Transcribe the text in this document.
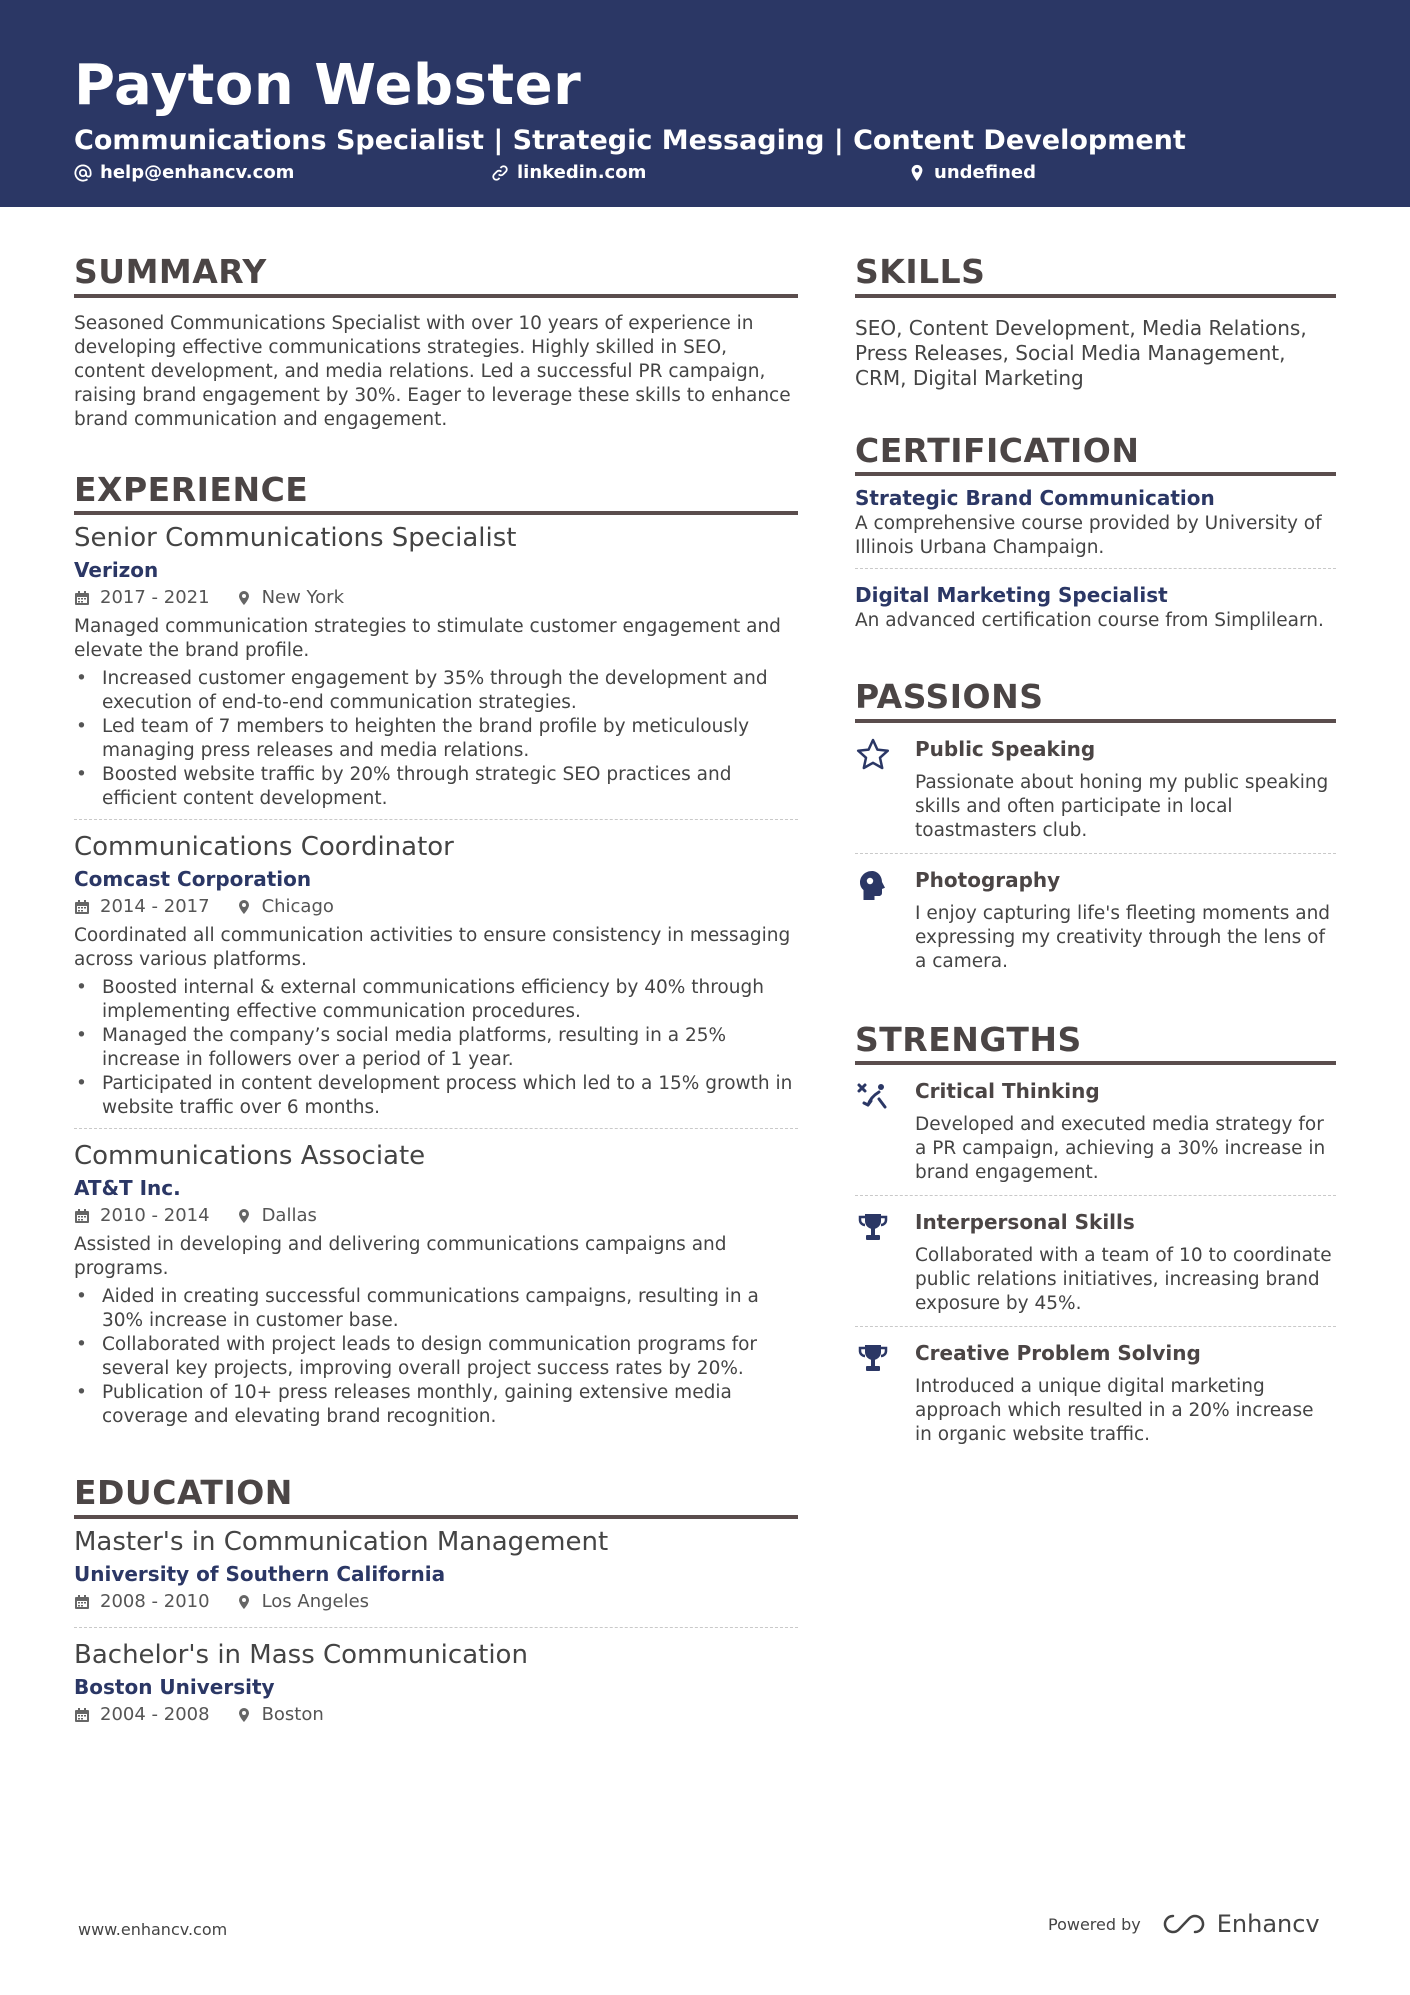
Payton Webster
Communications Specialist | Strategic Messaging | Content Development
help@enhancv.com	linkedin.com	undefined
SUMMARY
Seasoned Communications Specialist with over 10 years of experience in developing effective communications strategies. Highly skilled in SEO, content development, and media relations. Led a successful PR campaign, raising brand engagement by 30%. Eager to leverage these skills to enhance brand communication and engagement.
EXPERIENCE
Senior Communications Specialist
Verizon
2017 - 2021	New York
Managed communication strategies to stimulate customer engagement and elevate the brand profile.
• Increased customer engagement by 35% through the development and execution of end-to-end communication strategies.
• Led team of 7 members to heighten the brand profile by meticulously managing press releases and media relations.
• Boosted website traffic by 20% through strategic SEO practices and efficient content development.
Communications Coordinator
Comcast Corporation
2014 - 2017	Chicago
Coordinated all communication activities to ensure consistency in messaging across various platforms.
• Boosted internal & external communications efficiency by 40% through implementing effective communication procedures.
• Managed the company’s social media platforms, resulting in a 25% increase in followers over a period of 1 year.
• Participated in content development process which led to a 15% growth in website traffic over 6 months.
Communications Associate
AT&T Inc.
2010 - 2014	Dallas
Assisted in developing and delivering communications campaigns and programs.
• Aided in creating successful communications campaigns, resulting in a 30% increase in customer base.
• Collaborated with project leads to design communication programs for several key projects, improving overall project success rates by 20%.
• Publication of 10+ press releases monthly, gaining extensive media coverage and elevating brand recognition.
EDUCATION
Master's in Communication Management
University of Southern California
2008 - 2010	Los Angeles
Bachelor's in Mass Communication
Boston University
2004 - 2008	Boston
SKILLS
SEO, Content Development, Media Relations, Press Releases, Social Media Management, CRM, Digital Marketing
CERTIFICATION
Strategic Brand Communication
A comprehensive course provided by University of Illinois Urbana Champaign.
Digital Marketing Specialist
An advanced certification course from Simplilearn.
PASSIONS
Public Speaking
Passionate about honing my public speaking skills and often participate in local toastmasters club.
Photography
I enjoy capturing life's fleeting moments and expressing my creativity through the lens of a camera.
STRENGTHS
Critical Thinking
Developed and executed media strategy for a PR campaign, achieving a 30% increase in brand engagement.
Interpersonal Skills
Collaborated with a team of 10 to coordinate public relations initiatives, increasing brand exposure by 45%.
Creative Problem Solving
Introduced a unique digital marketing approach which resulted in a 20% increase in organic website traffic.
www.enhancv.com	Powered by	Enhancv
